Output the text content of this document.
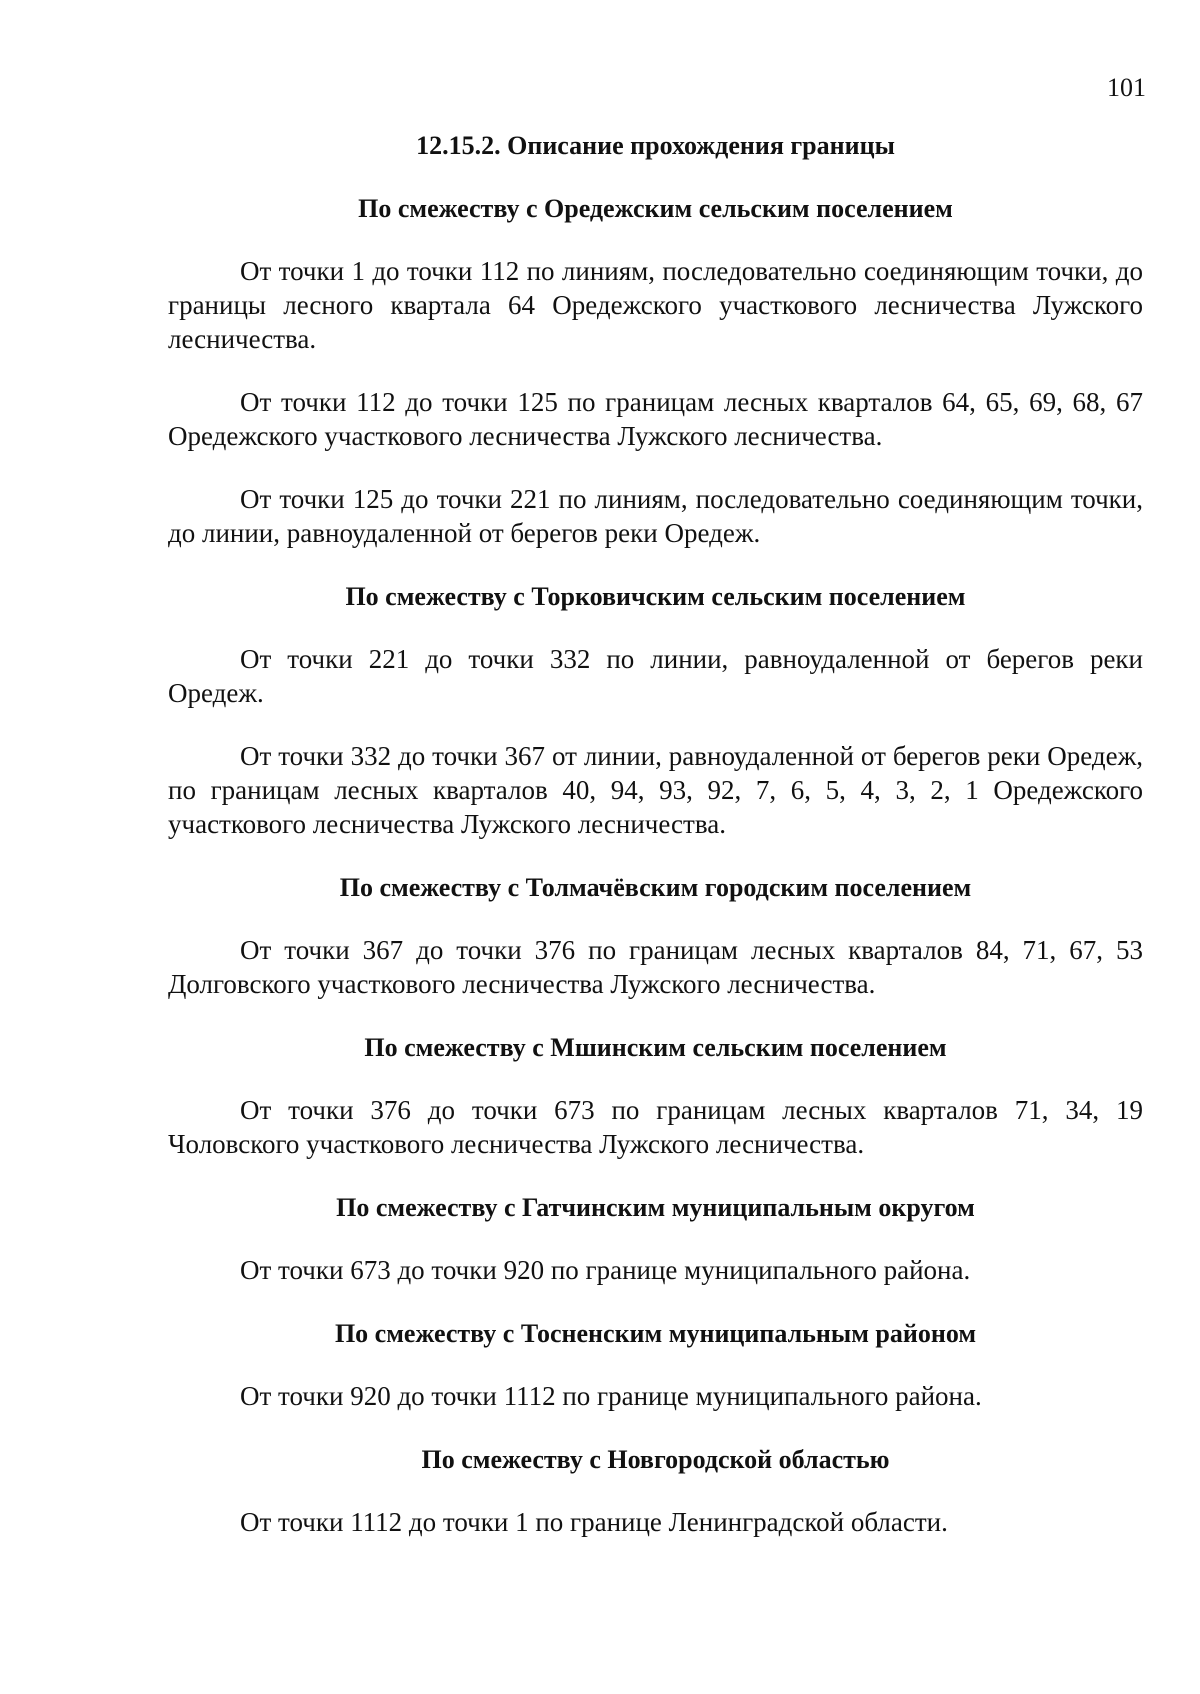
101
12.15.2. Описание прохождения границы
По смежеству с Оредежским сельским поселением

От точки 1 до точки 112 по линиям, последовательно соединяющим точки, до границы лесного квартала 64 Оредежского участкового лесничества Лужского лесничества.

От точки 112 до точки 125 по границам лесных кварталов 64, 65, 69, 68, 67 Оредежского участкового лесничества Лужского лесничества.

От точки 125 до точки 221 по линиям, последовательно соединяющим точки, до линии, равноудаленной от берегов реки Оредеж.

По смежеству с Торковичским сельским поселением

От точки 221 до точки 332 по линии, равноудаленной от берегов реки Оредеж.

От точки 332 до точки 367 от линии, равноудаленной от берегов реки Оредеж, по границам лесных кварталов 40, 94, 93, 92, 7, 6, 5, 4, 3, 2, 1 Оредежского участкового лесничества Лужского лесничества.

По смежеству с Толмачёвским городским поселением

От точки 367 до точки 376 по границам лесных кварталов 84, 71, 67, 53 Долговского участкового лесничества Лужского лесничества.

По смежеству с Мшинским сельским поселением

От точки 376 до точки 673 по границам лесных кварталов 71, 34, 19 Чоловского участкового лесничества Лужского лесничества.

По смежеству с Гатчинским муниципальным округом

От точки 673 до точки 920 по границе муниципального района.

По смежеству с Тосненским муниципальным районом

От точки 920 до точки 1112 по границе муниципального района.

По смежеству с Новгородской областью

От точки 1112 до точки 1 по границе Ленинградской области.
